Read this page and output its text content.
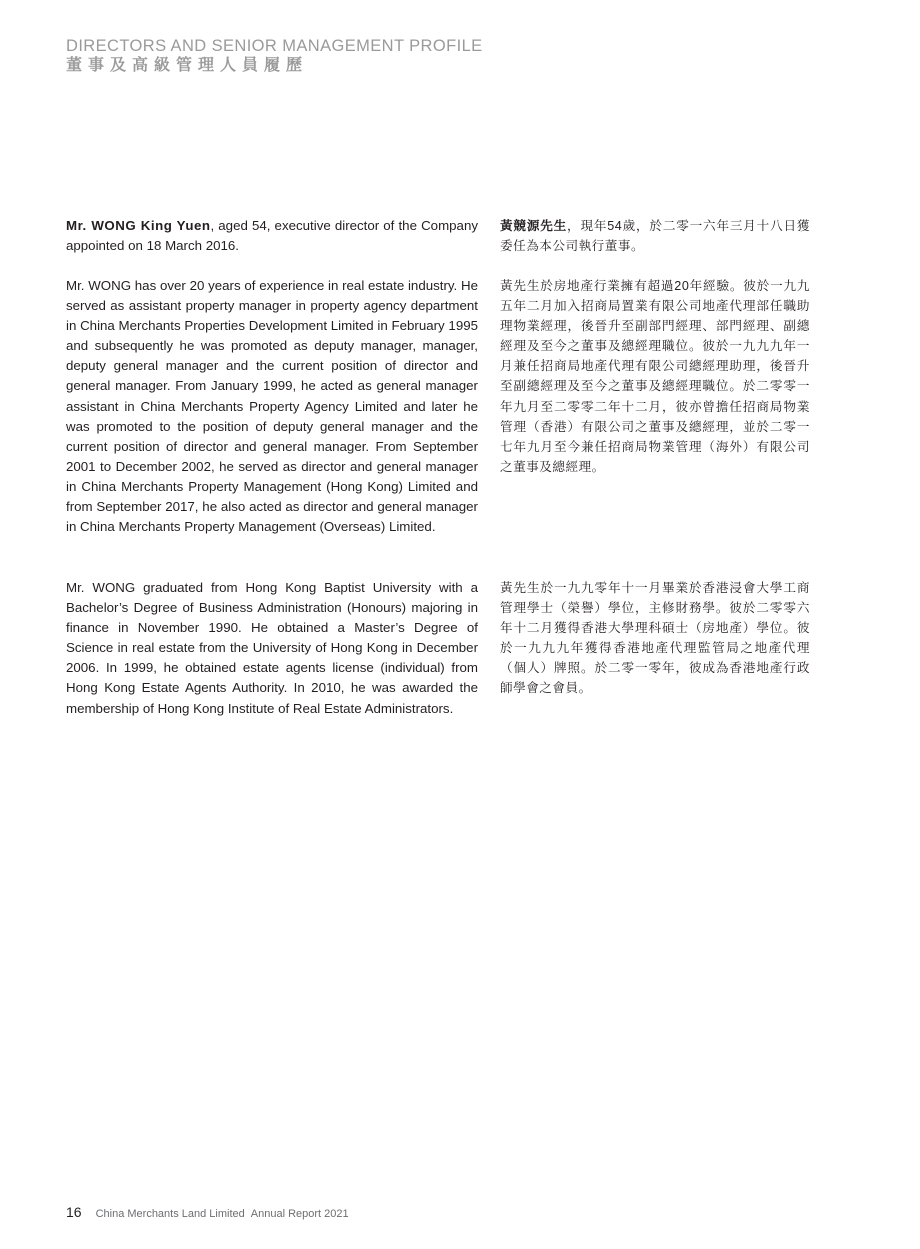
DIRECTORS AND SENIOR MANAGEMENT PROFILE
董事及高級管理人員履歷

Mr. WONG King Yuen, aged 54, executive director of the Company appointed on 18 March 2016.

Mr. WONG has over 20 years of experience in real estate industry. He served as assistant property manager in property agency department in China Merchants Properties Development Limited in February 1995 and subsequently he was promoted as deputy manager, manager, deputy general manager and the current position of director and general manager. From January 1999, he acted as general manager assistant in China Merchants Property Agency Limited and later he was promoted to the position of deputy general manager and the current position of director and general manager. From September 2001 to December 2002, he served as director and general manager in China Merchants Property Management (Hong Kong) Limited and from September 2017, he also acted as director and general manager in China Merchants Property Management (Overseas) Limited.

Mr. WONG graduated from Hong Kong Baptist University with a Bachelor’s Degree of Business Administration (Honours) majoring in finance in November 1990. He obtained a Master’s Degree of Science in real estate from the University of Hong Kong in December 2006. In 1999, he obtained estate agents license (individual) from Hong Kong Estate Agents Authority. In 2010, he was awarded the membership of Hong Kong Institute of Real Estate Administrators.

黃競源先生，現年54歲，於二零一六年三月十八日獲委任為本公司執行董事。

黃先生於房地產行業擁有超過20年經驗。彼於一九九五年二月加入招商局置業有限公司地產代理部任職助理物業經理，後晉升至副部門經理、部門經理、副總經理及至今之董事及總經理職位。彼於一九九九年一月兼任招商局地產代理有限公司總經理助理，後晉升至副總經理及至今之董事及總經理職位。於二零零一年九月至二零零二年十二月，彼亦曾擔任招商局物業管理（香港）有限公司之董事及總經理，並於二零一七年九月至今兼任招商局物業管理（海外）有限公司之董事及總經理。

黃先生於一九九零年十一月畢業於香港浸會大學工商管理學士（榮譽）學位，主修財務學。彼於二零零六年十二月獲得香港大學理科碩士（房地產）學位。彼於一九九九年獲得香港地產代理監管局之地產代理（個人）牌照。於二零一零年，彼成為香港地產行政師學會之會員。

16 China Merchants Land Limited Annual Report 2021
